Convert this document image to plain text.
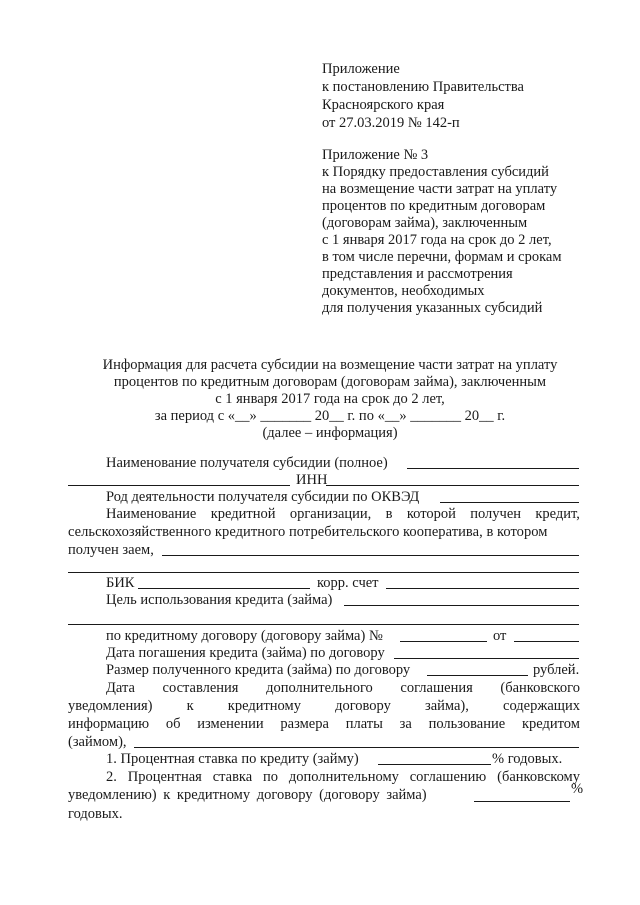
Приложение
к постановлению Правительства
Красноярского края
от 27.03.2019 № 142-п
Приложение № 3
к Порядку предоставления субсидий
на возмещение части затрат на уплату
процентов по кредитным договорам
(договорам займа), заключенным
с 1 января 2017 года на срок до 2 лет,
в том числе перечни, формам и срокам
представления и рассмотрения
документов, необходимых
для получения указанных субсидий
Информация для расчета субсидии на возмещение части затрат на уплату
процентов по кредитным договорам (договорам займа), заключенным
с 1 января 2017 года на срок до 2 лет,
за период с «__» _______ 20__ г. по «__» _______ 20__ г.
(далее – информация)
Наименование получателя субсидии (полное)
ИНН
Род деятельности получателя субсидии по ОКВЭД
Наименование кредитной организации, в которой получен кредит,
сельскохозяйственного кредитного потребительского кооператива, в котором
получен заем,
БИК	корр. счет
Цель использования кредита (займа)
по кредитному договору (договору займа) №	от
Дата погашения кредита (займа) по договору
Размер полученного кредита (займа) по договору	рублей.
Дата составления дополнительного соглашения (банковского
уведомления) к кредитному договору займа), содержащих
информацию об изменении размера платы за пользование кредитом
(займом),
1. Процентная ставка по кредиту (займу)	% годовых.
2. Процентная ставка по дополнительному соглашению (банковскому
уведомлению) к кредитному договору (договору займа)	%
годовых.
